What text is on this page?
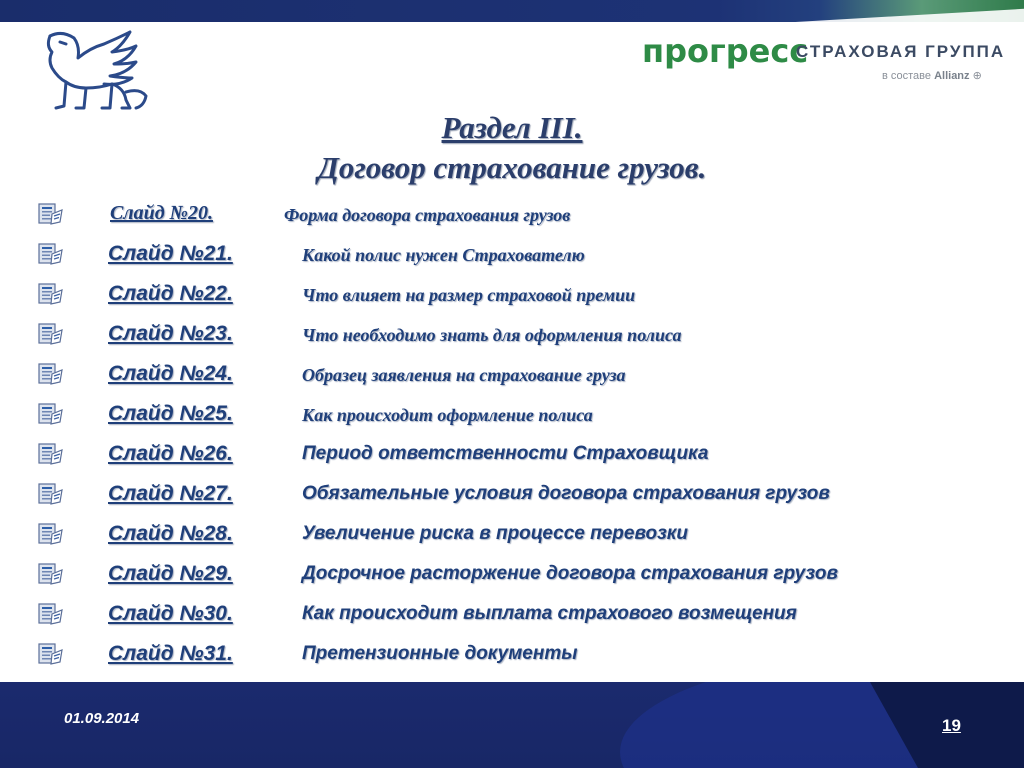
прогресс
СТРАХОВАЯ ГРУППА
в составе Allianz ⊕
Раздел III.
Договор страхование грузов.
Слайд №20.	Форма договора страхования грузов
Слайд №21.	Какой полис нужен Страхователю
Слайд №22.	Что влияет на размер страховой премии
Слайд №23.	Что необходимо знать для оформления полиса
Слайд №24.	Образец заявления на страхование груза
Слайд №25.	Как происходит оформление полиса
Слайд №26.	Период ответственности Страховщика
Слайд №27.	Обязательные условия договора страхования грузов
Слайд №28.	Увеличение риска в процессе перевозки
Слайд №29.	Досрочное расторжение договора страхования грузов
Слайд №30.	Как происходит выплата страхового возмещения
Слайд №31.	Претензионные документы
01.09.2014	19
